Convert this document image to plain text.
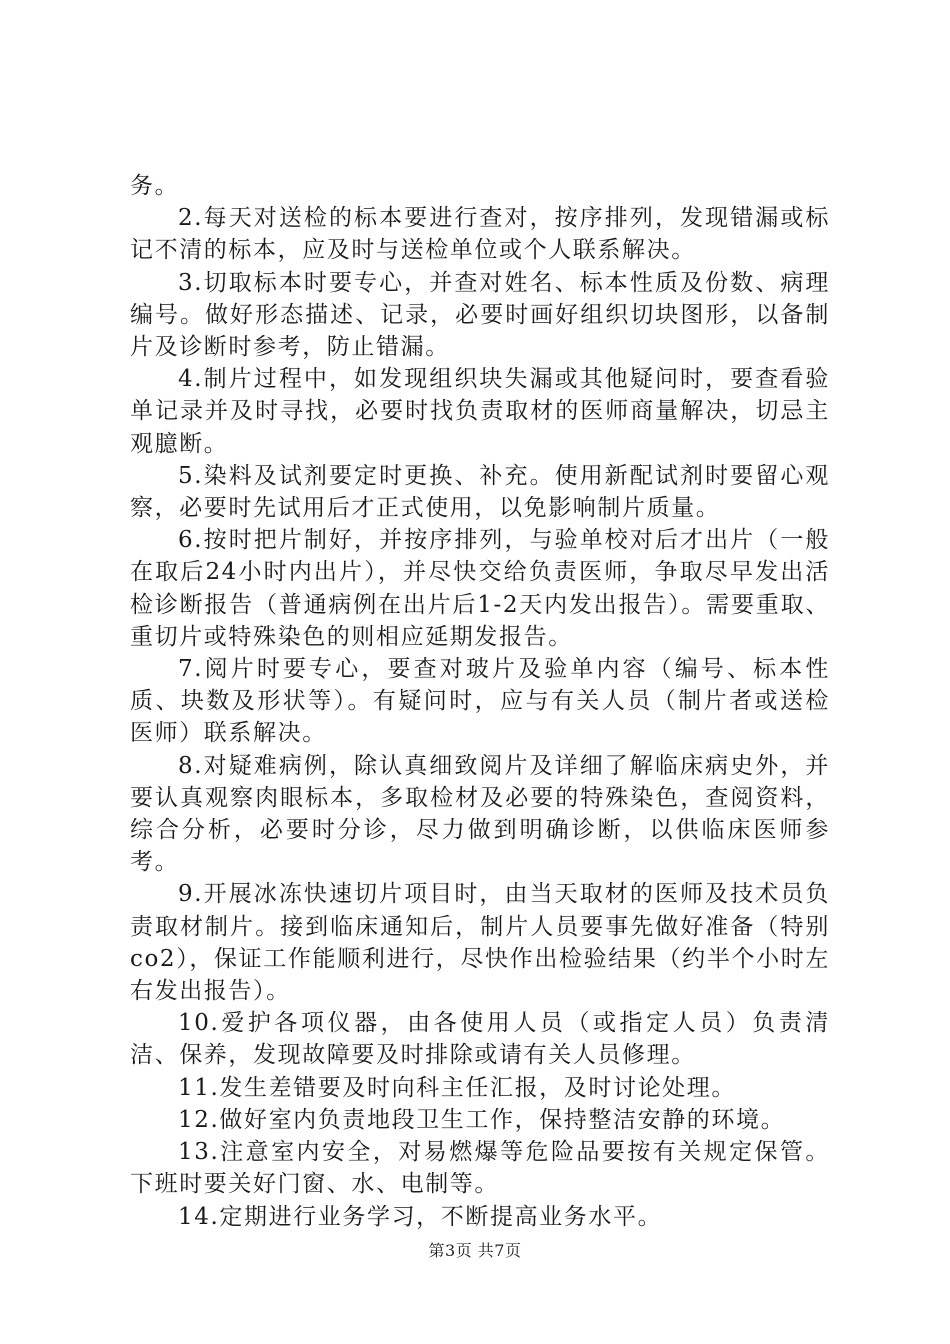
务。

2.每天对送检的标本要进行查对，按序排列，发现错漏或标记不清的标本，应及时与送检单位或个人联系解决。

3.切取标本时要专心，并查对姓名、标本性质及份数、病理编号。做好形态描述、记录，必要时画好组织切块图形，以备制片及诊断时参考，防止错漏。

4.制片过程中，如发现组织块失漏或其他疑问时，要查看验单记录并及时寻找，必要时找负责取材的医师商量解决，切忌主观臆断。

5.染料及试剂要定时更换、补充。使用新配试剂时要留心观察，必要时先试用后才正式使用，以免影响制片质量。

6.按时把片制好，并按序排列，与验单校对后才出片（一般在取后24小时内出片），并尽快交给负责医师，争取尽早发出活检诊断报告（普通病例在出片后1-2天内发出报告）。需要重取、重切片或特殊染色的则相应延期发报告。

7.阅片时要专心，要查对玻片及验单内容（编号、标本性质、块数及形状等）。有疑问时，应与有关人员（制片者或送检医师）联系解决。

8.对疑难病例，除认真细致阅片及详细了解临床病史外，并要认真观察肉眼标本，多取检材及必要的特殊染色，查阅资料，综合分析，必要时分诊，尽力做到明确诊断，以供临床医师参考。

9.开展冰冻快速切片项目时，由当天取材的医师及技术员负责取材制片。接到临床通知后，制片人员要事先做好准备（特别co2），保证工作能顺利进行，尽快作出检验结果（约半个小时左右发出报告）。

10.爱护各项仪器，由各使用人员（或指定人员）负责清洁、保养，发现故障要及时排除或请有关人员修理。

11.发生差错要及时向科主任汇报，及时讨论处理。

12.做好室内负责地段卫生工作，保持整洁安静的环境。

13.注意室内安全，对易燃爆等危险品要按有关规定保管。下班时要关好门窗、水、电制等。

14.定期进行业务学习，不断提高业务水平。

第3页 共7页
